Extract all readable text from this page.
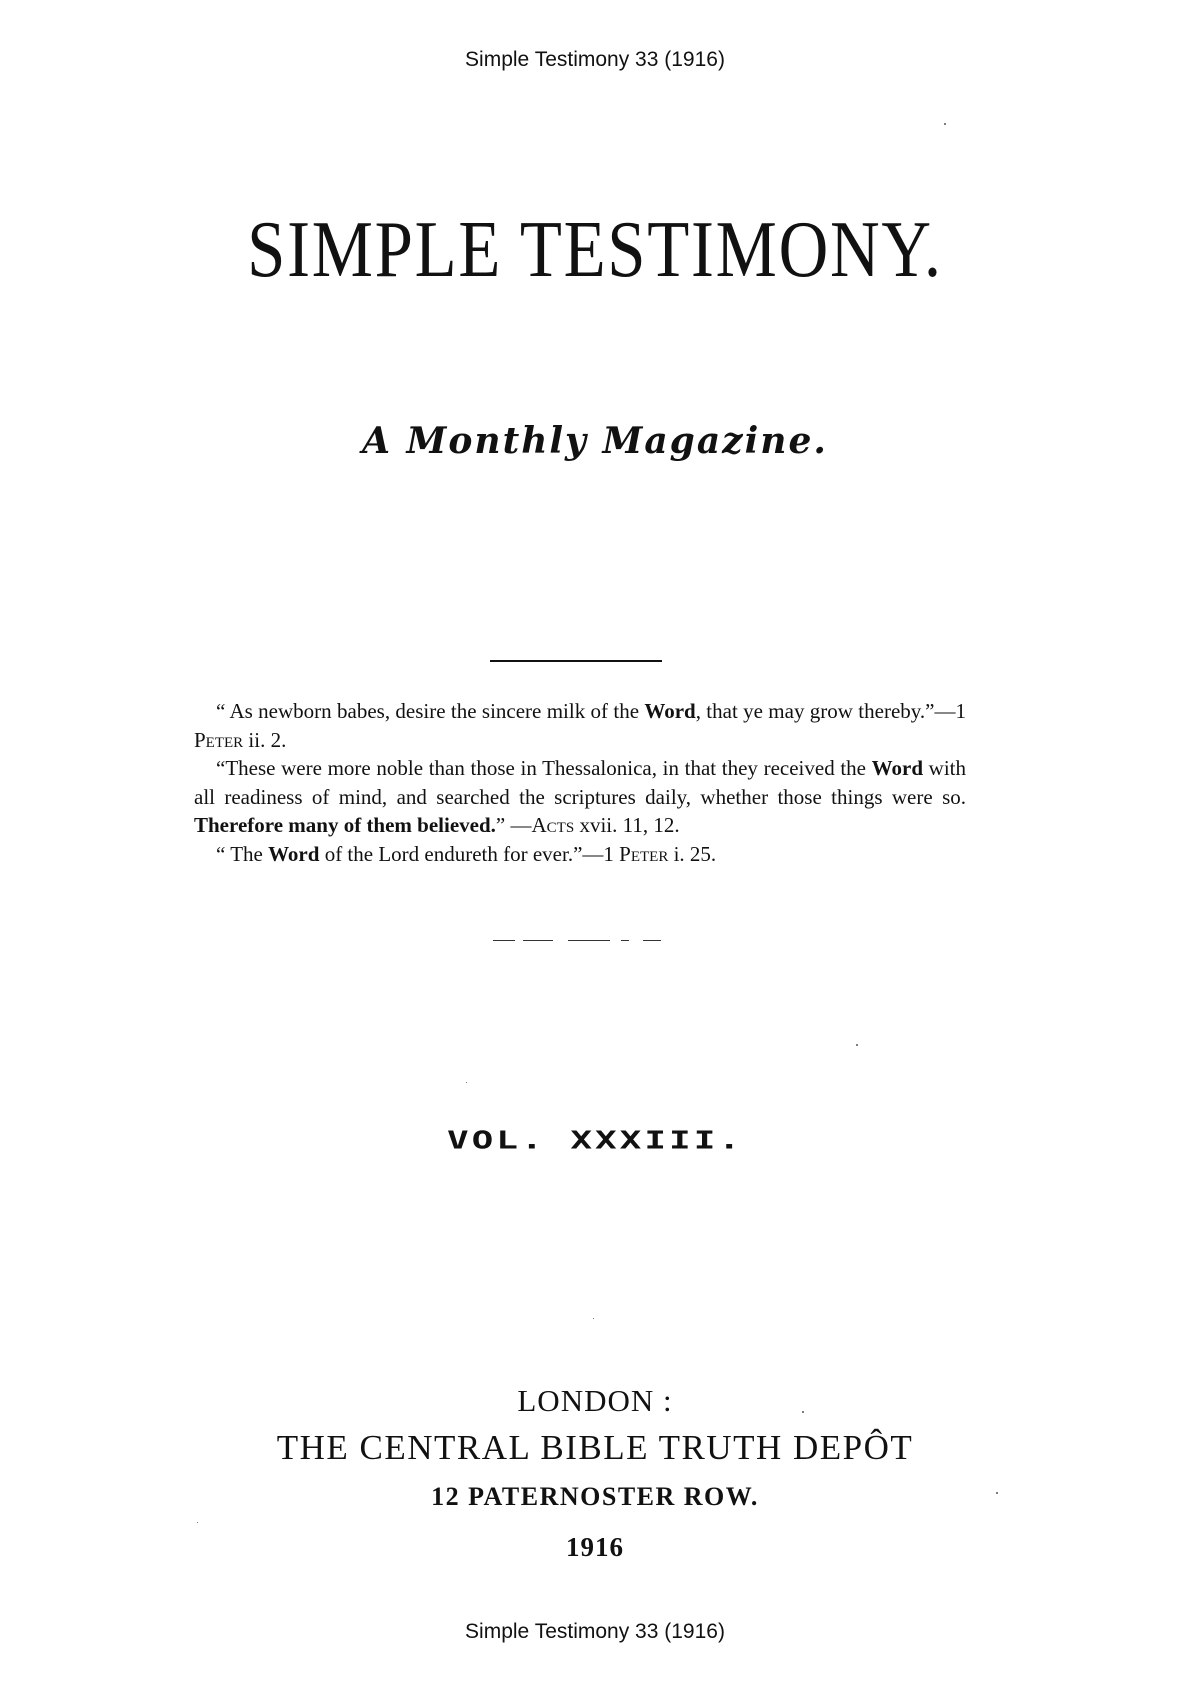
Simple Testimony 33 (1916)
SIMPLE TESTIMONY.
A Monthly Magazine.

“ As newborn babes, desire the sincere milk of the Word, that ye may grow thereby.”—1 Peter ii. 2.

“These were more noble than those in Thessalonica, in that they received the Word with all readiness of mind, and searched the scriptures daily, whether those things were so. Therefore many of them believed.” —Acts xvii. 11, 12.

“ The Word of the Lord endureth for ever.”—1 Peter i. 25.

VOL. XXXIII.
LONDON :
THE CENTRAL BIBLE TRUTH DEPÔT
12 PATERNOSTER ROW.
1916
Simple Testimony 33 (1916)
